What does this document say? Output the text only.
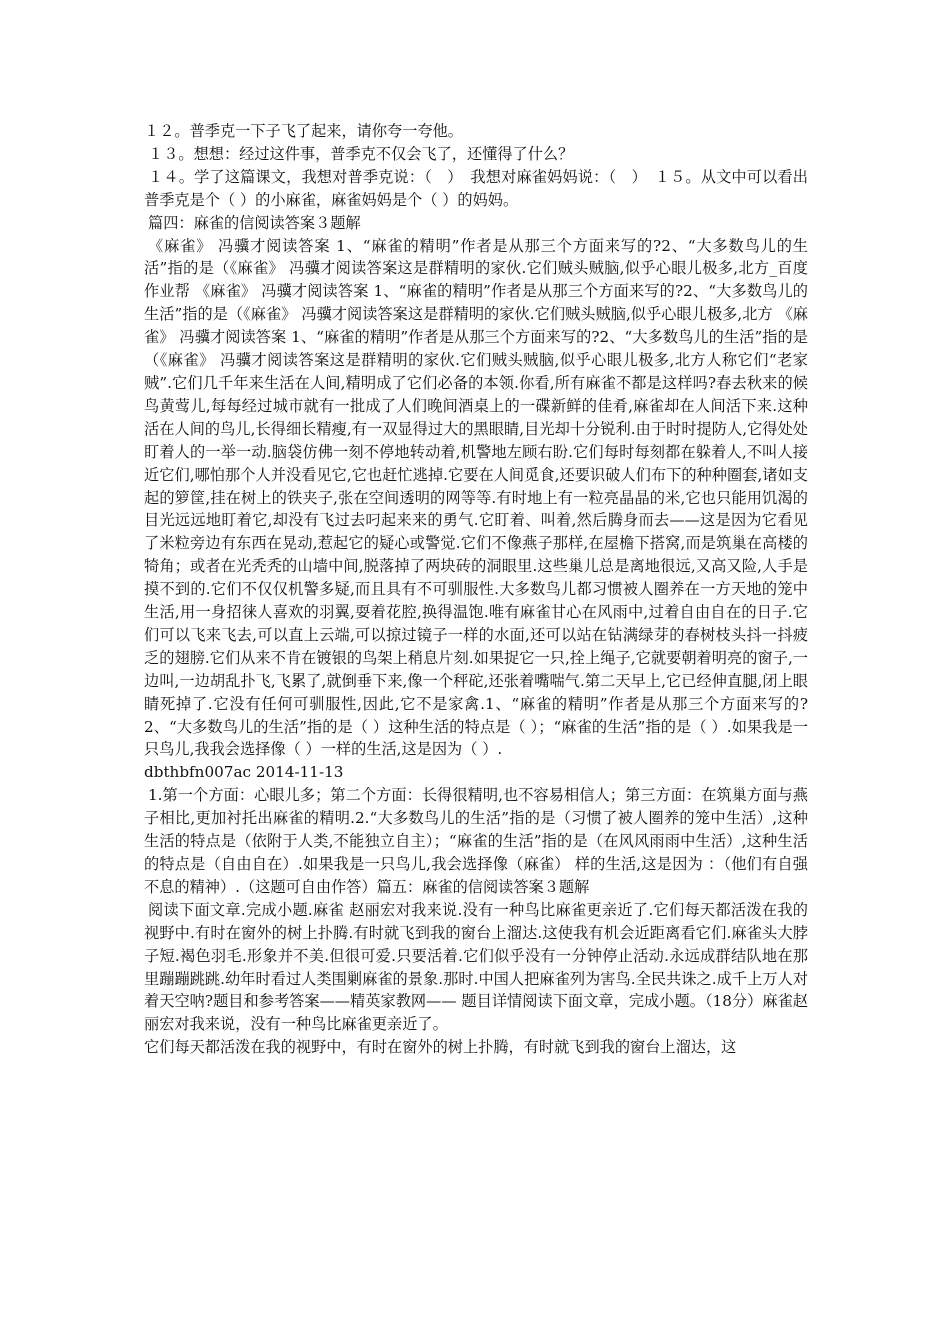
１２。普季克一下子飞了起来，请你夸一夸他。

１３。想想：经过这件事，普季克不仅会飞了，还懂得了什么？

１４。学了这篇课文，我想对普季克说：（　）　我想对麻雀妈妈说：（　）　１５。从文中可以看出普季克是个（ ）的小麻雀，麻雀妈妈是个（ ）的妈妈。

篇四：麻雀的信阅读答案３题解

《麻雀》 冯骥才阅读答案 1、“麻雀的精明”作者是从那三个方面来写的?2、“大多数鸟儿的生活”指的是（《麻雀》 冯骥才阅读答案这是群精明的家伙.它们贼头贼脑,似乎心眼儿极多,北方_百度作业帮 《麻雀》 冯骥才阅读答案 1、“麻雀的精明”作者是从那三个方面来写的?2、“大多数鸟儿的生活”指的是（《麻雀》 冯骥才阅读答案这是群精明的家伙.它们贼头贼脑,似乎心眼儿极多,北方 《麻雀》 冯骥才阅读答案 1、“麻雀的精明”作者是从那三个方面来写的?2、“大多数鸟儿的生活”指的是（《麻雀》 冯骥才阅读答案这是群精明的家伙.它们贼头贼脑,似乎心眼儿极多,北方人称它们“老家贼”.它们几千年来生活在人间,精明成了它们必备的本领.你看,所有麻雀不都是这样吗?春去秋来的候鸟黄莺儿,每每经过城市就有一批成了人们晚间酒桌上的一碟新鲜的佳肴,麻雀却在人间活下来.这种活在人间的鸟儿,长得细长精瘦,有一双显得过大的黑眼睛,目光却十分锐利.由于时时提防人,它得处处盯着人的一举一动.脑袋仿佛一刻不停地转动着,机警地左顾右盼.它们每时每刻都在躲着人,不叫人接近它们,哪怕那个人并没看见它,它也赶忙逃掉.它要在人间觅食,还要识破人们布下的种种圈套,诸如支起的箩筐,挂在树上的铁夹子,张在空间透明的网等等.有时地上有一粒亮晶晶的米,它也只能用饥渴的目光远远地盯着它,却没有飞过去叼起来来的勇气.它盯着、叫着,然后腾身而去——这是因为它看见了米粒旁边有东西在晃动,惹起它的疑心或警觉.它们不像燕子那样,在屋檐下搭窝,而是筑巢在高楼的犄角；或者在光秃秃的山墙中间,脱落掉了两块砖的洞眼里.这些巢儿总是离地很远,又高又险,人手是摸不到的.它们不仅仅机警多疑,而且具有不可驯服性.大多数鸟儿都习惯被人圈养在一方天地的笼中生活,用一身招徕人喜欢的羽翼,耍着花腔,换得温饱.唯有麻雀甘心在风雨中,过着自由自在的日子.它们可以飞来飞去,可以直上云端,可以掠过镜子一样的水面,还可以站在钻满绿芽的春树枝头抖一抖疲乏的翅膀.它们从来不肯在镀银的鸟架上稍息片刻.如果捉它一只,拴上绳子,它就要朝着明亮的窗子,一边叫,一边胡乱扑飞,飞累了,就倒垂下来,像一个秤砣,还张着嘴喘气.第二天早上,它已经伸直腿,闭上眼睛死掉了.它没有任何可驯服性,因此,它不是家禽.1、“麻雀的精明”作者是从那三个方面来写的?2、“大多数鸟儿的生活”指的是（ ）这种生活的特点是（ ）；“麻雀的生活”指的是（ ）.如果我是一只鸟儿,我我会选择像（ ）一样的生活,这是因为（ ）.

dbthbfn007ac 2014-11-13

1.第一个方面：心眼儿多；第二个方面：长得很精明,也不容易相信人；第三方面：在筑巢方面与燕子相比,更加衬托出麻雀的精明.2.“大多数鸟儿的生活”指的是（习惯了被人圈养的笼中生活）,这种生活的特点是（依附于人类,不能独立自主）；“麻雀的生活”指的是（在风风雨雨中生活）,这种生活的特点是（自由自在）.如果我是一只鸟儿,我会选择像（麻雀） 样的生活,这是因为 ：（他们有自强不息的精神）.（这题可自由作答）篇五：麻雀的信阅读答案３题解

阅读下面文章.完成小题.麻雀 赵丽宏对我来说.没有一种鸟比麻雀更亲近了.它们每天都活泼在我的视野中.有时在窗外的树上扑腾.有时就飞到我的窗台上溜达.这使我有机会近距离看它们.麻雀头大脖子短.褐色羽毛.形象并不美.但很可爱.只要活着.它们似乎没有一分钟停止活动.永远成群结队地在那里蹦蹦跳跳.幼年时看过人类围剿麻雀的景象.那时.中国人把麻雀列为害鸟.全民共诛之.成千上万人对着天空呐?题目和参考答案——精英家教网—— 题目详情阅读下面文章，完成小题。（18分）麻雀赵丽宏对我来说，没有一种鸟比麻雀更亲近了。

它们每天都活泼在我的视野中，有时在窗外的树上扑腾，有时就飞到我的窗台上溜达，这
